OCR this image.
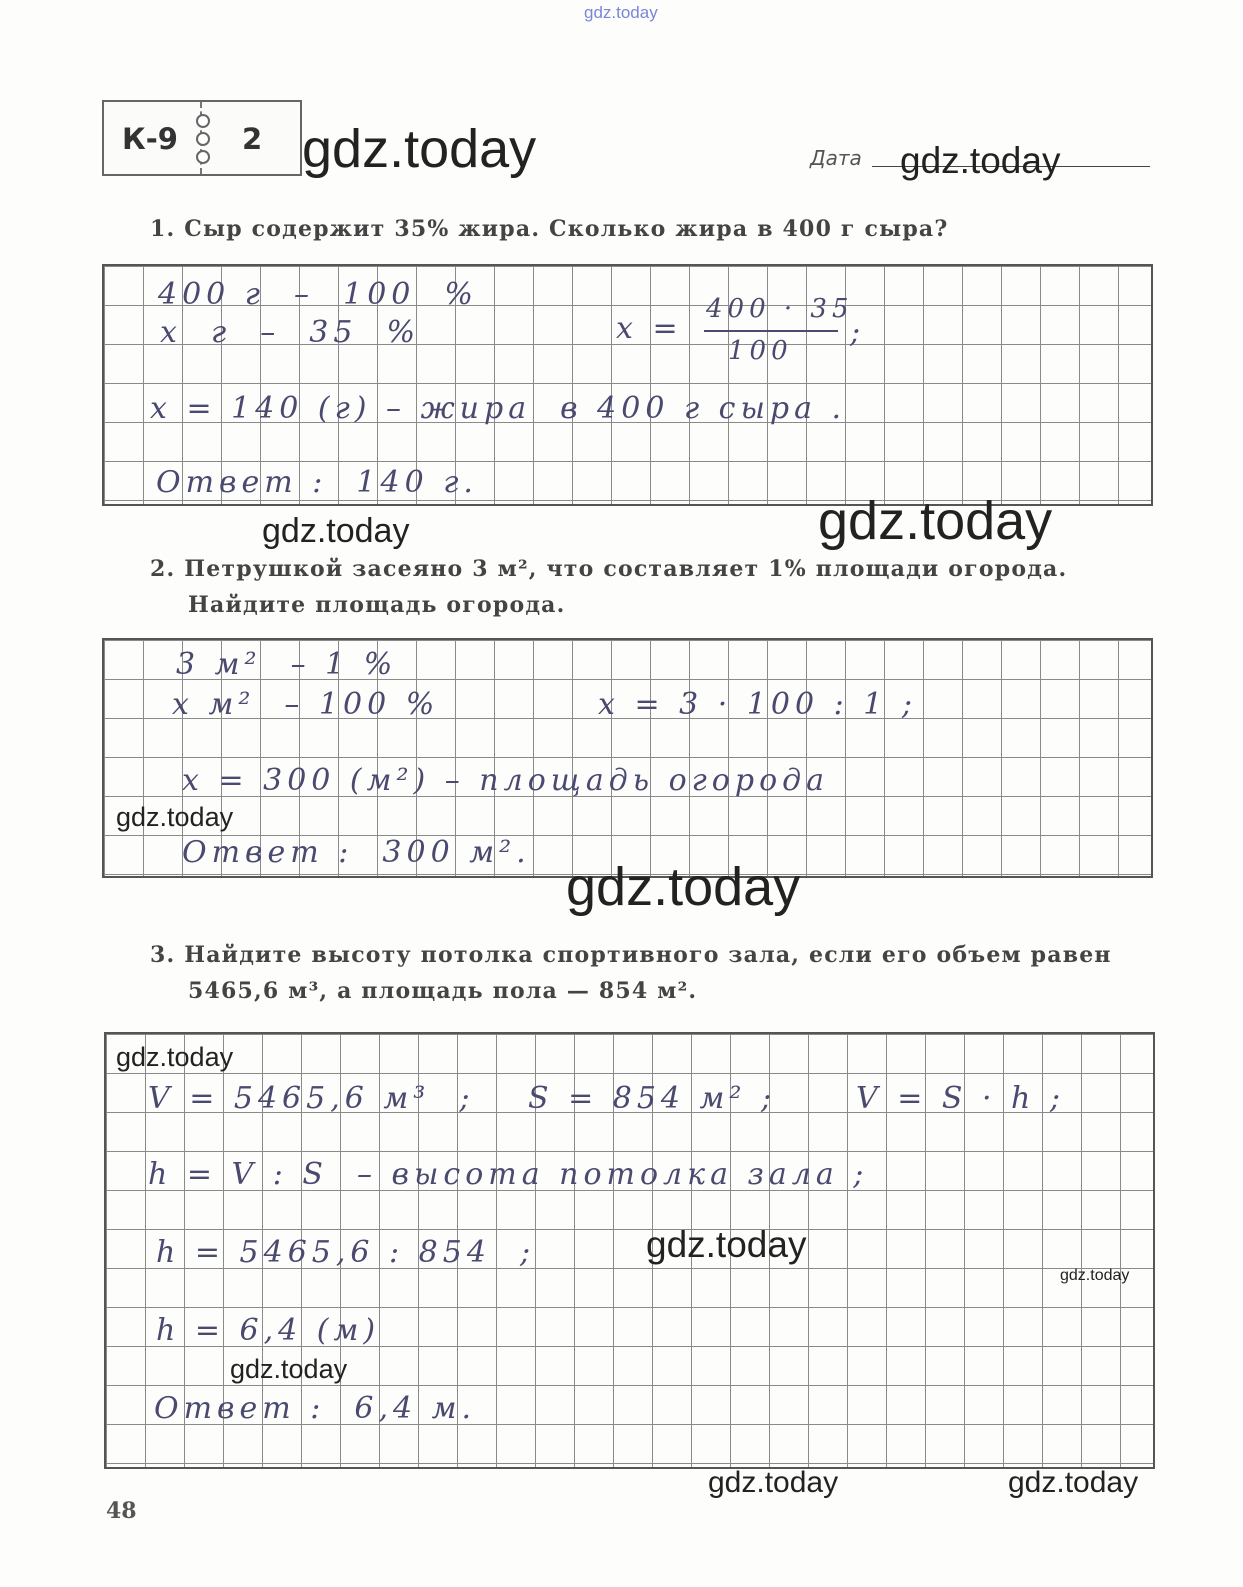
gdz.today
К-9 2 gdz.today	Дата gdz.today
1. Сыр содержит 35% жира. Сколько жира в 400 г сыра?
400 г  –  100  %
х  г  –  35  %	х =
400 · 35
100
;
х = 140 (г) – жира  в 400 г сыра .
Ответ :  140 г.
gdz.today	gdz.today
2. Петрушкой засеяно 3 м², что составляет 1% площади огорода.
Найдите площадь огорода.
3 м²  – 1 %
х м²  – 100 %	х = 3 · 100 : 1 ;
х = 300 (м²) – площадь огорода
Ответ :  300 м².
gdz.today
gdz.today
3. Найдите высоту потолка спортивного зала, если его объем равен
5465,6 м³, а площадь пола — 854 м².
V = 5465,6 м³  ; S = 854 м² ;	V = S · h ;
h = V : S  – высота потолка зала ;
h = 5465,6 : 854  ;
h = 6,4 (м)
Ответ :  6,4 м.
gdz.today
gdz.today
gdz.today
gdz.today
48
gdz.today	gdz.today
